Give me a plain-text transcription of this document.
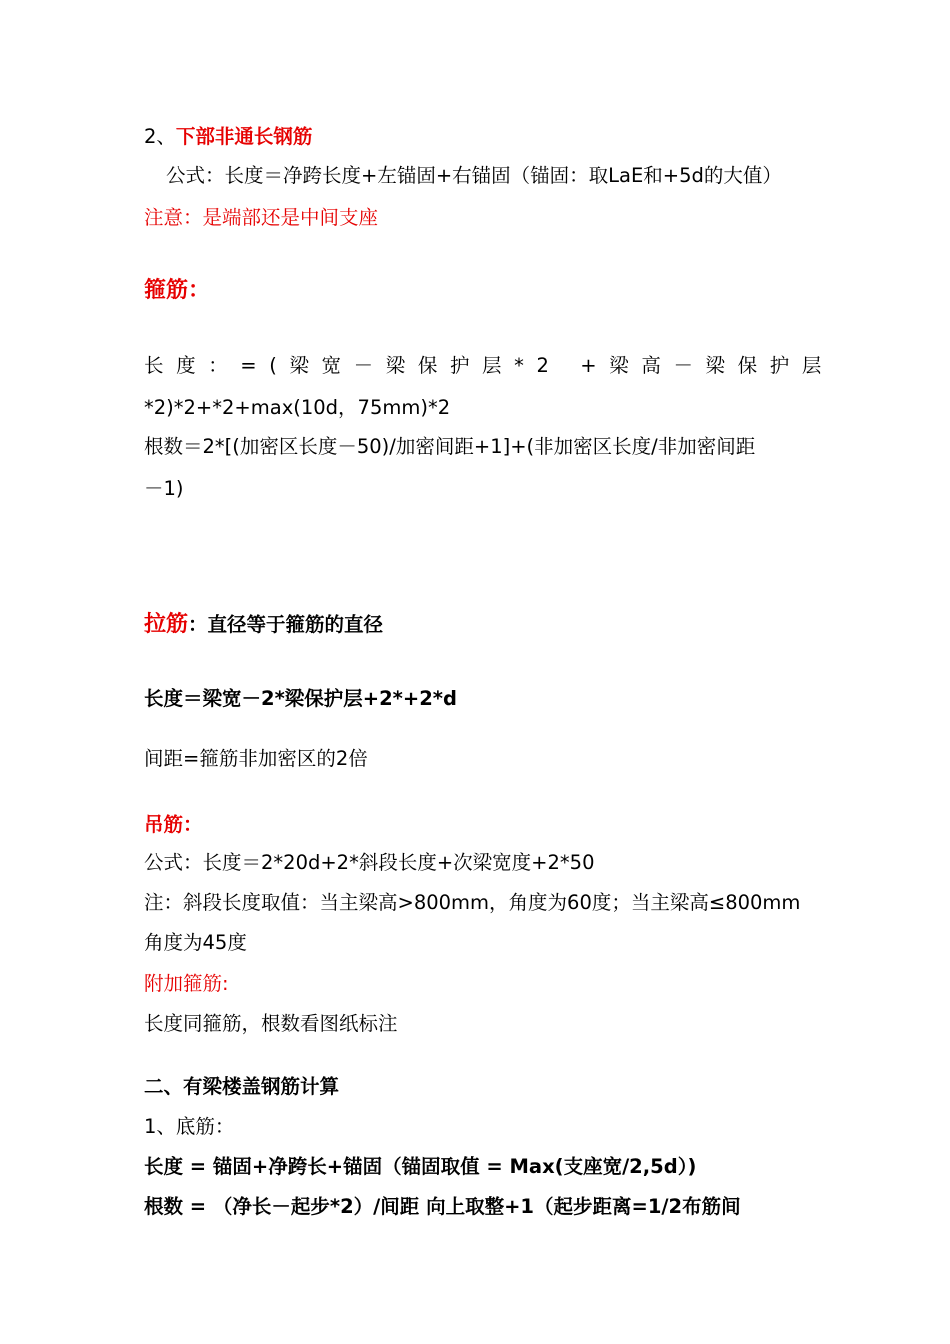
2、下部非通长钢筋
公式：长度＝净跨长度+左锚固+右锚固（锚固：取LaE和+5d的大值）
注意：是端部还是中间支座
箍筋：
长度：=(梁宽－梁保护层*2 +梁高－梁保护层
*2)*2+*2+max(10d，75mm)*2
根数＝2*[(加密区长度－50)/加密间距+1]+(非加密区长度/非加密间距
－1)
拉筋：直径等于箍筋的直径
长度＝梁宽－2*梁保护层+2*+2*d
间距=箍筋非加密区的2倍
吊筋：
公式：长度＝2*20d+2*斜段长度+次梁宽度+2*50
注：斜段长度取值：当主梁高>800mm，角度为60度；当主梁高≤800mm
角度为45度
附加箍筋:
长度同箍筋，根数看图纸标注
二、有梁楼盖钢筋计算
1、底筋：
长度 = 锚固+净跨长+锚固（锚固取值 = Max(支座宽/2,5d）)
根数 = （净长－起步*2）/间距 向上取整+1（起步距离=1/2布筋间
